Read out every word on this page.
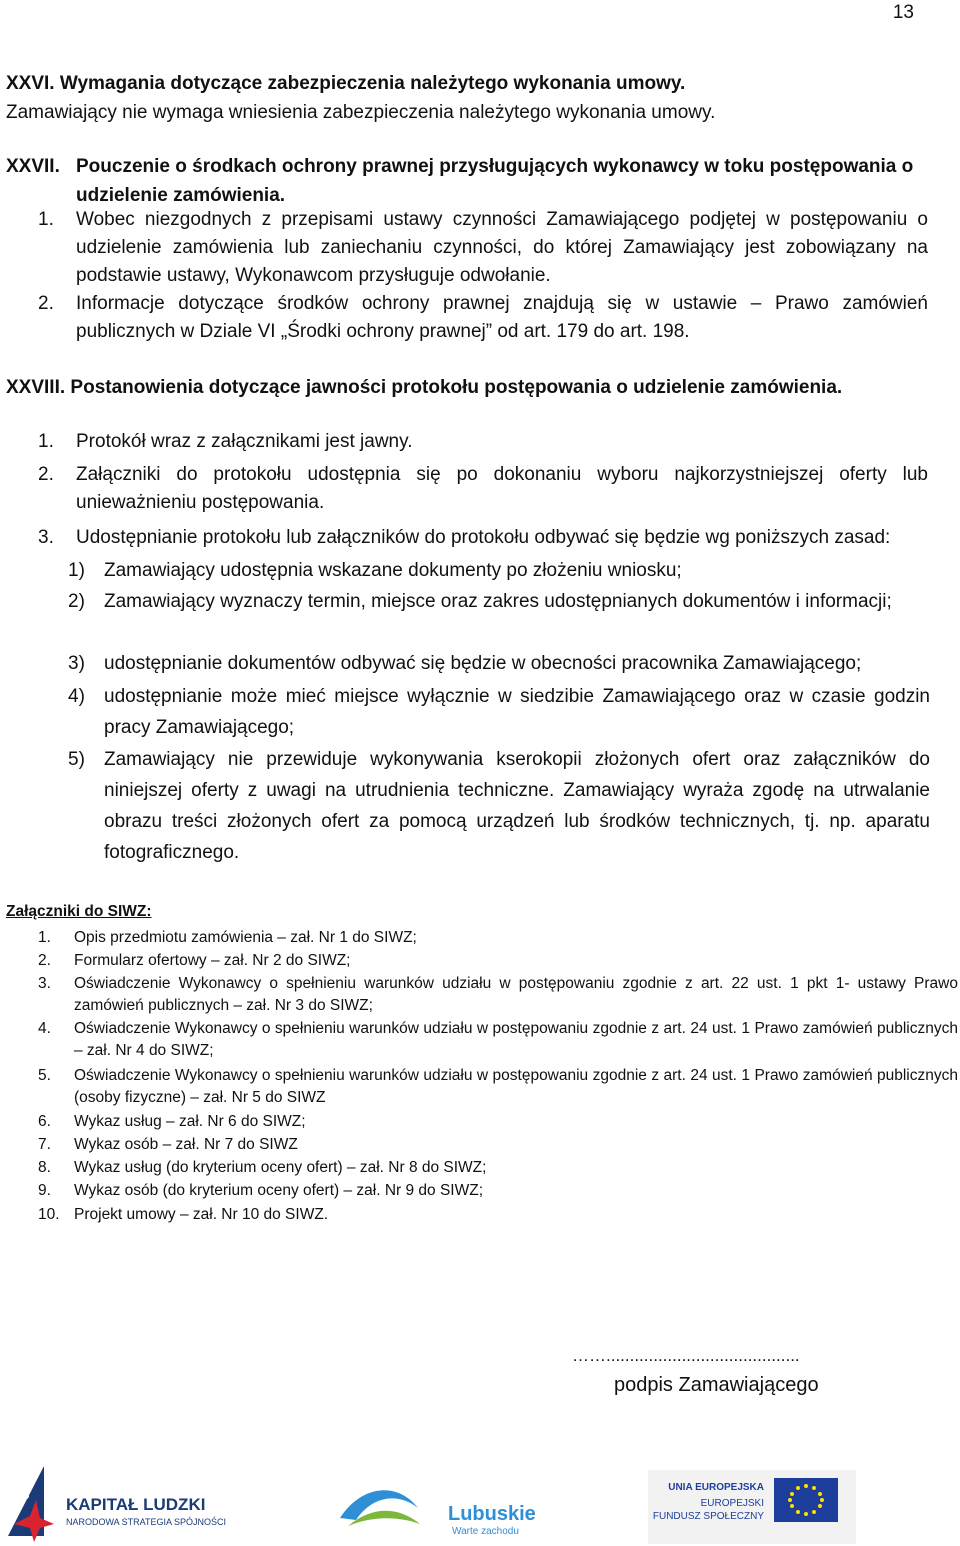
13
XXVI. Wymagania dotyczące zabezpieczenia należytego wykonania umowy.
Zamawiający nie wymaga wniesienia zabezpieczenia należytego wykonania umowy.
XXVII. Pouczenie o środkach ochrony prawnej przysługujących wykonawcy w toku postępowania o udzielenie zamówienia.
1.	Wobec niezgodnych z przepisami ustawy czynności Zamawiającego podjętej w postępowaniu o udzielenie zamówienia lub zaniechaniu czynności, do której Zamawiający jest zobowiązany na podstawie ustawy, Wykonawcom przysługuje odwołanie.
2.	Informacje dotyczące środków ochrony prawnej znajdują się w ustawie – Prawo zamówień publicznych w Dziale VI „Środki ochrony prawnej” od art. 179 do art. 198.
XXVIII. Postanowienia dotyczące jawności protokołu postępowania o udzielenie zamówienia.
1.	Protokół wraz z załącznikami jest jawny.
2.	Załączniki do protokołu udostępnia się po dokonaniu wyboru najkorzystniejszej oferty lub unieważnieniu postępowania.
3.	Udostępnianie protokołu lub załączników do protokołu odbywać się będzie wg poniższych zasad:
1)	Zamawiający udostępnia wskazane dokumenty po złożeniu wniosku;
2)	Zamawiający wyznaczy termin, miejsce oraz zakres udostępnianych dokumentów i informacji;
3)	udostępnianie dokumentów odbywać się będzie w obecności pracownika Zamawiającego;
4)	udostępnianie może mieć miejsce wyłącznie w siedzibie Zamawiającego oraz w czasie godzin pracy Zamawiającego;
5)	Zamawiający nie przewiduje wykonywania kserokopii złożonych ofert oraz załączników do niniejszej oferty z uwagi na utrudnienia techniczne. Zamawiający wyraża zgodę na utrwalanie obrazu treści złożonych ofert za pomocą urządzeń lub środków technicznych, tj. np. aparatu fotograficznego.
Załączniki do SIWZ:
1.	Opis przedmiotu zamówienia – zał. Nr 1 do SIWZ;
2.	Formularz ofertowy – zał. Nr 2 do SIWZ;
3.	Oświadczenie Wykonawcy o spełnieniu warunków udziału w postępowaniu zgodnie z art. 22 ust. 1 pkt 1- ustawy Prawo zamówień publicznych – zał. Nr 3 do SIWZ;
4.	Oświadczenie Wykonawcy o spełnieniu warunków udziału w postępowaniu zgodnie z art. 24 ust. 1 Prawo zamówień publicznych – zał. Nr 4 do SIWZ;
5.	Oświadczenie Wykonawcy o spełnieniu warunków udziału w postępowaniu zgodnie z art. 24 ust. 1 Prawo zamówień publicznych (osoby fizyczne) – zał. Nr 5 do SIWZ
6.	Wykaz usług – zał. Nr 6 do SIWZ;
7.	Wykaz osób – zał. Nr 7 do SIWZ
8.	Wykaz usług (do kryterium oceny ofert) – zał. Nr 8 do SIWZ;
9.	Wykaz osób (do kryterium oceny ofert) – zał. Nr 9 do SIWZ;
10. Projekt umowy – zał. Nr 10 do SIWZ.
…….........................................
podpis Zamawiającego
KAPITAŁ LUDZKI
NARODOWA STRATEGIA SPÓJNOŚCI	Lubuskie
Warte zachodu
UNIA EUROPEJSKA
EUROPEJSKI
FUNDUSZ SPOŁECZNY
